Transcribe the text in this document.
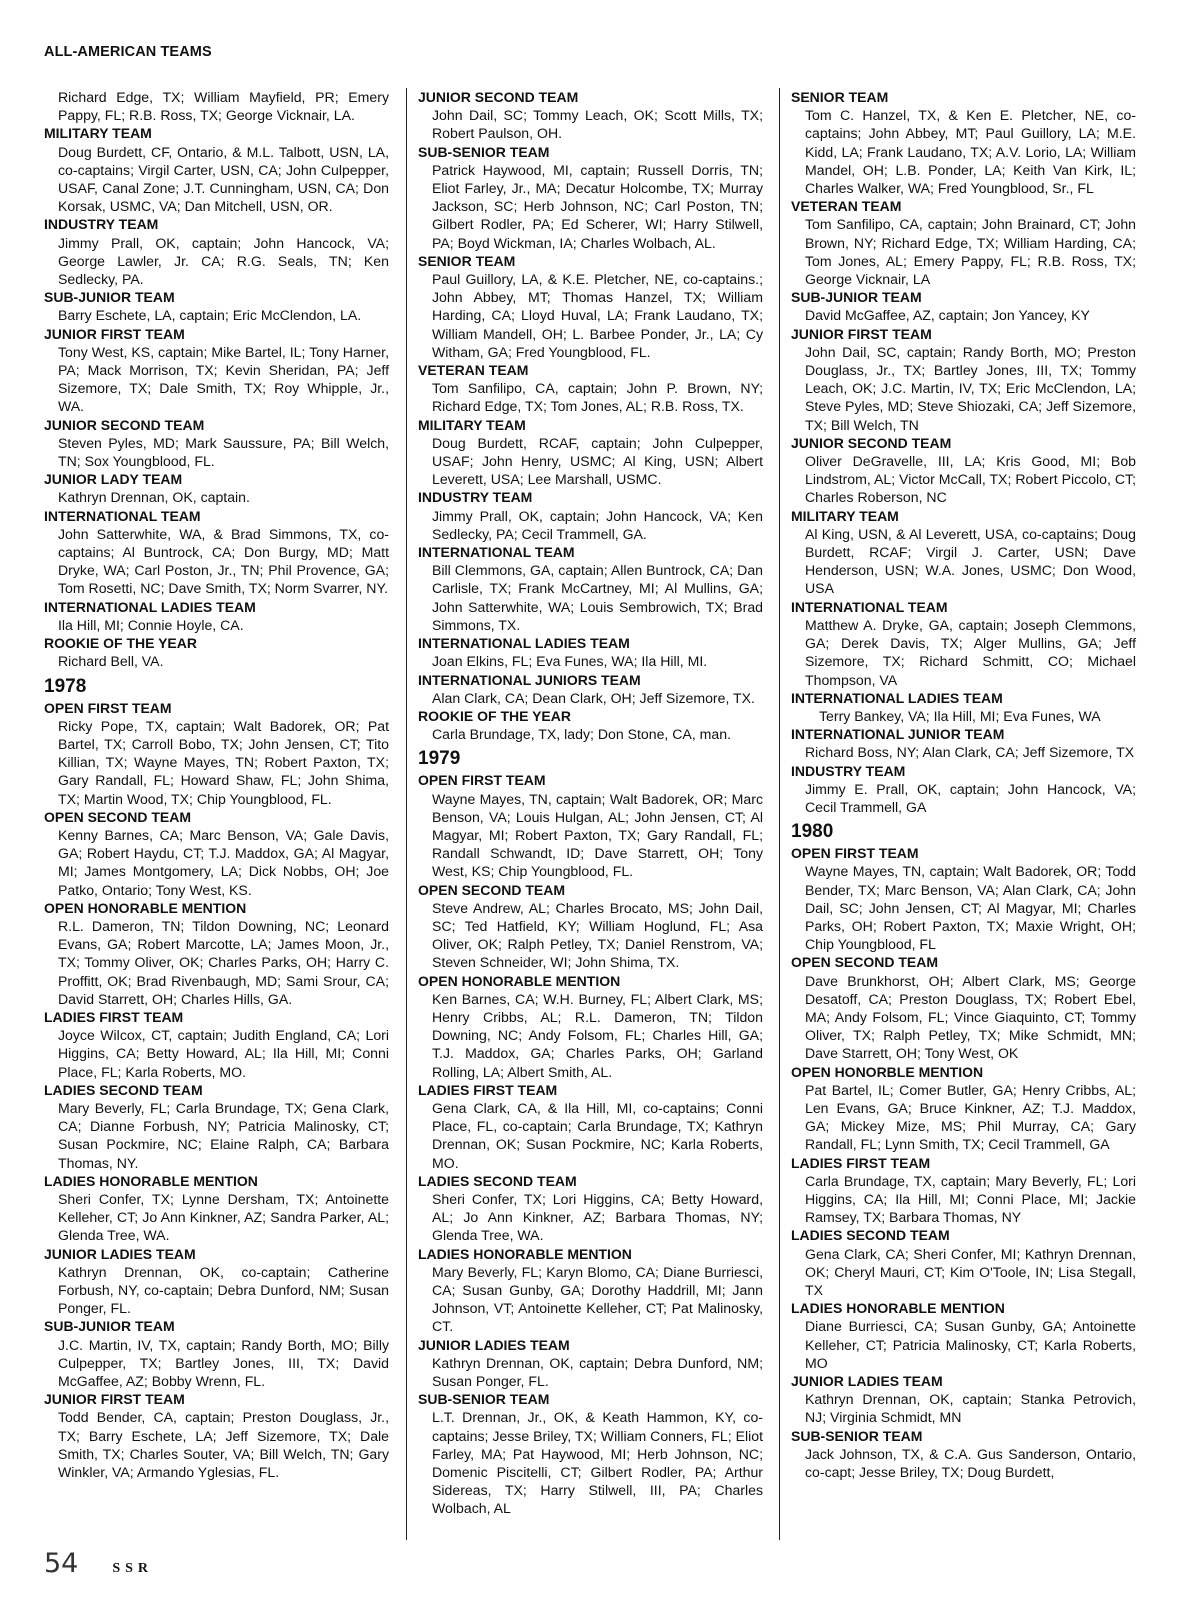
ALL-AMERICAN TEAMS
Richard Edge, TX; William Mayfield, PR; Emery Pappy, FL; R.B. Ross, TX; George Vicknair, LA.
MILITARY TEAM
Doug Burdett, CF, Ontario, & M.L. Talbott, USN, LA, co-captains; Virgil Carter, USN, CA; John Culpepper, USAF, Canal Zone; J.T. Cunningham, USN, CA; Don Korsak, USMC, VA; Dan Mitchell, USN, OR.
INDUSTRY TEAM
Jimmy Prall, OK, captain; John Hancock, VA; George Lawler, Jr. CA; R.G. Seals, TN; Ken Sedlecky, PA.
SUB-JUNIOR TEAM
Barry Eschete, LA, captain; Eric McClendon, LA.
JUNIOR FIRST TEAM
Tony West, KS, captain; Mike Bartel, IL; Tony Harner, PA; Mack Morrison, TX; Kevin Sheridan, PA; Jeff Sizemore, TX; Dale Smith, TX; Roy Whipple, Jr., WA.
JUNIOR SECOND TEAM
Steven Pyles, MD; Mark Saussure, PA; Bill Welch, TN; Sox Youngblood, FL.
JUNIOR LADY TEAM
Kathryn Drennan, OK, captain.
INTERNATIONAL TEAM
John Satterwhite, WA, & Brad Simmons, TX, co-captains; Al Buntrock, CA; Don Burgy, MD; Matt Dryke, WA; Carl Poston, Jr., TN; Phil Provence, GA; Tom Rosetti, NC; Dave Smith, TX; Norm Svarrer, NY.
INTERNATIONAL LADIES TEAM
Ila Hill, MI; Connie Hoyle, CA.
ROOKIE OF THE YEAR
Richard Bell, VA.
1978
OPEN FIRST TEAM
Ricky Pope, TX, captain; Walt Badorek, OR; Pat Bartel, TX; Carroll Bobo, TX; John Jensen, CT; Tito Killian, TX; Wayne Mayes, TN; Robert Paxton, TX; Gary Randall, FL; Howard Shaw, FL; John Shima, TX; Martin Wood, TX; Chip Youngblood, FL.
OPEN SECOND TEAM
Kenny Barnes, CA; Marc Benson, VA; Gale Davis, GA; Robert Haydu, CT; T.J. Maddox, GA; Al Magyar, MI; James Montgomery, LA; Dick Nobbs, OH; Joe Patko, Ontario; Tony West, KS.
OPEN HONORABLE MENTION
R.L. Dameron, TN; Tildon Downing, NC; Leonard Evans, GA; Robert Marcotte, LA; James Moon, Jr., TX; Tommy Oliver, OK; Charles Parks, OH; Harry C. Proffitt, OK; Brad Rivenbaugh, MD; Sami Srour, CA; David Starrett, OH; Charles Hills, GA.
LADIES FIRST TEAM
Joyce Wilcox, CT, captain; Judith England, CA; Lori Higgins, CA; Betty Howard, AL; Ila Hill, MI; Conni Place, FL; Karla Roberts, MO.
LADIES SECOND TEAM
Mary Beverly, FL; Carla Brundage, TX; Gena Clark, CA; Dianne Forbush, NY; Patricia Malinosky, CT; Susan Pockmire, NC; Elaine Ralph, CA; Barbara Thomas, NY.
LADIES HONORABLE MENTION
Sheri Confer, TX; Lynne Dersham, TX; Antoinette Kelleher, CT; Jo Ann Kinkner, AZ; Sandra Parker, AL; Glenda Tree, WA.
JUNIOR LADIES TEAM
Kathryn Drennan, OK, co-captain; Catherine Forbush, NY, co-captain; Debra Dunford, NM; Susan Ponger, FL.
SUB-JUNIOR TEAM
J.C. Martin, IV, TX, captain; Randy Borth, MO; Billy Culpepper, TX; Bartley Jones, III, TX; David McGaffee, AZ; Bobby Wrenn, FL.
JUNIOR FIRST TEAM
Todd Bender, CA, captain; Preston Douglass, Jr., TX; Barry Eschete, LA; Jeff Sizemore, TX; Dale Smith, TX; Charles Souter, VA; Bill Welch, TN; Gary Winkler, VA; Armando Yglesias, FL.
JUNIOR SECOND TEAM
John Dail, SC; Tommy Leach, OK; Scott Mills, TX; Robert Paulson, OH.
SUB-SENIOR TEAM
Patrick Haywood, MI, captain; Russell Dorris, TN; Eliot Farley, Jr., MA; Decatur Holcombe, TX; Murray Jackson, SC; Herb Johnson, NC; Carl Poston, TN; Gilbert Rodler, PA; Ed Scherer, WI; Harry Stilwell, PA; Boyd Wickman, IA; Charles Wolbach, AL.
SENIOR TEAM
Paul Guillory, LA, & K.E. Pletcher, NE, co-captains.; John Abbey, MT; Thomas Hanzel, TX; William Harding, CA; Lloyd Huval, LA; Frank Laudano, TX; William Mandell, OH; L. Barbee Ponder, Jr., LA; Cy Witham, GA; Fred Youngblood, FL.
VETERAN TEAM
Tom Sanfilipo, CA, captain; John P. Brown, NY; Richard Edge, TX; Tom Jones, AL; R.B. Ross, TX.
MILITARY TEAM
Doug Burdett, RCAF, captain; John Culpepper, USAF; John Henry, USMC; Al King, USN; Albert Leverett, USA; Lee Marshall, USMC.
INDUSTRY TEAM
Jimmy Prall, OK, captain; John Hancock, VA; Ken Sedlecky, PA; Cecil Trammell, GA.
INTERNATIONAL TEAM
Bill Clemmons, GA, captain; Allen Buntrock, CA; Dan Carlisle, TX; Frank McCartney, MI; Al Mullins, GA; John Satterwhite, WA; Louis Sembrowich, TX; Brad Simmons, TX.
INTERNATIONAL LADIES TEAM
Joan Elkins, FL; Eva Funes, WA; Ila Hill, MI.
INTERNATIONAL JUNIORS TEAM
Alan Clark, CA; Dean Clark, OH; Jeff Sizemore, TX.
ROOKIE OF THE YEAR
Carla Brundage, TX, lady; Don Stone, CA, man.
1979
OPEN FIRST TEAM
Wayne Mayes, TN, captain; Walt Badorek, OR; Marc Benson, VA; Louis Hulgan, AL; John Jensen, CT; Al Magyar, MI; Robert Paxton, TX; Gary Randall, FL; Randall Schwandt, ID; Dave Starrett, OH; Tony West, KS; Chip Youngblood, FL.
OPEN SECOND TEAM
Steve Andrew, AL; Charles Brocato, MS; John Dail, SC; Ted Hatfield, KY; William Hoglund, FL; Asa Oliver, OK; Ralph Petley, TX; Daniel Renstrom, VA; Steven Schneider, WI; John Shima, TX.
OPEN HONORABLE MENTION
Ken Barnes, CA; W.H. Burney, FL; Albert Clark, MS; Henry Cribbs, AL; R.L. Dameron, TN; Tildon Downing, NC; Andy Folsom, FL; Charles Hill, GA; T.J. Maddox, GA; Charles Parks, OH; Garland Rolling, LA; Albert Smith, AL.
LADIES FIRST TEAM
Gena Clark, CA, & Ila Hill, MI, co-captains; Conni Place, FL, co-captain; Carla Brundage, TX; Kathryn Drennan, OK; Susan Pockmire, NC; Karla Roberts, MO.
LADIES SECOND TEAM
Sheri Confer, TX; Lori Higgins, CA; Betty Howard, AL; Jo Ann Kinkner, AZ; Barbara Thomas, NY; Glenda Tree, WA.
LADIES HONORABLE MENTION
Mary Beverly, FL; Karyn Blomo, CA; Diane Burriesci, CA; Susan Gunby, GA; Dorothy Haddrill, MI; Jann Johnson, VT; Antoinette Kelleher, CT; Pat Malinosky, CT.
JUNIOR LADIES TEAM
Kathryn Drennan, OK, captain; Debra Dunford, NM; Susan Ponger, FL.
SUB-SENIOR TEAM
L.T. Drennan, Jr., OK, & Keath Hammon, KY, co-captains; Jesse Briley, TX; William Conners, FL; Eliot Farley, MA; Pat Haywood, MI; Herb Johnson, NC; Domenic Piscitelli, CT; Gilbert Rodler, PA; Arthur Sidereas, TX; Harry Stilwell, III, PA; Charles Wolbach, AL
SENIOR TEAM
Tom C. Hanzel, TX, & Ken E. Pletcher, NE, co-captains; John Abbey, MT; Paul Guillory, LA; M.E. Kidd, LA; Frank Laudano, TX; A.V. Lorio, LA; William Mandel, OH; L.B. Ponder, LA; Keith Van Kirk, IL; Charles Walker, WA; Fred Youngblood, Sr., FL
VETERAN TEAM
Tom Sanfilipo, CA, captain; John Brainard, CT; John Brown, NY; Richard Edge, TX; William Harding, CA; Tom Jones, AL; Emery Pappy, FL; R.B. Ross, TX; George Vicknair, LA
SUB-JUNIOR TEAM
David McGaffee, AZ, captain; Jon Yancey, KY
JUNIOR FIRST TEAM
John Dail, SC, captain; Randy Borth, MO; Preston Douglass, Jr., TX; Bartley Jones, III, TX; Tommy Leach, OK; J.C. Martin, IV, TX; Eric McClendon, LA; Steve Pyles, MD; Steve Shiozaki, CA; Jeff Sizemore, TX; Bill Welch, TN
JUNIOR SECOND TEAM
Oliver DeGravelle, III, LA; Kris Good, MI; Bob Lindstrom, AL; Victor McCall, TX; Robert Piccolo, CT; Charles Roberson, NC
MILITARY TEAM
Al King, USN, & Al Leverett, USA, co-captains; Doug Burdett, RCAF; Virgil J. Carter, USN; Dave Henderson, USN; W.A. Jones, USMC; Don Wood, USA
INTERNATIONAL TEAM
Matthew A. Dryke, GA, captain; Joseph Clemmons, GA; Derek Davis, TX; Alger Mullins, GA; Jeff Sizemore, TX; Richard Schmitt, CO; Michael Thompson, VA
INTERNATIONAL LADIES TEAM
Terry Bankey, VA; Ila Hill, MI; Eva Funes, WA
INTERNATIONAL JUNIOR TEAM
Richard Boss, NY; Alan Clark, CA; Jeff Sizemore, TX
INDUSTRY TEAM
Jimmy E. Prall, OK, captain; John Hancock, VA; Cecil Trammell, GA
1980
OPEN FIRST TEAM
Wayne Mayes, TN, captain; Walt Badorek, OR; Todd Bender, TX; Marc Benson, VA; Alan Clark, CA; John Dail, SC; John Jensen, CT; Al Magyar, MI; Charles Parks, OH; Robert Paxton, TX; Maxie Wright, OH; Chip Youngblood, FL
OPEN SECOND TEAM
Dave Brunkhorst, OH; Albert Clark, MS; George Desatoff, CA; Preston Douglass, TX; Robert Ebel, MA; Andy Folsom, FL; Vince Giaquinto, CT; Tommy Oliver, TX; Ralph Petley, TX; Mike Schmidt, MN; Dave Starrett, OH; Tony West, OK
OPEN HONORBLE MENTION
Pat Bartel, IL; Comer Butler, GA; Henry Cribbs, AL; Len Evans, GA; Bruce Kinkner, AZ; T.J. Maddox, GA; Mickey Mize, MS; Phil Murray, CA; Gary Randall, FL; Lynn Smith, TX; Cecil Trammell, GA
LADIES FIRST TEAM
Carla Brundage, TX, captain; Mary Beverly, FL; Lori Higgins, CA; Ila Hill, MI; Conni Place, MI; Jackie Ramsey, TX; Barbara Thomas, NY
LADIES SECOND TEAM
Gena Clark, CA; Sheri Confer, MI; Kathryn Drennan, OK; Cheryl Mauri, CT; Kim O'Toole, IN; Lisa Stegall, TX
LADIES HONORABLE MENTION
Diane Burriesci, CA; Susan Gunby, GA; Antoinette Kelleher, CT; Patricia Malinosky, CT; Karla Roberts, MO
JUNIOR LADIES TEAM
Kathryn Drennan, OK, captain; Stanka Petrovich, NJ; Virginia Schmidt, MN
SUB-SENIOR TEAM
Jack Johnson, TX, & C.A. Gus Sanderson, Ontario, co-capt; Jesse Briley, TX; Doug Burdett,
54 SSR
